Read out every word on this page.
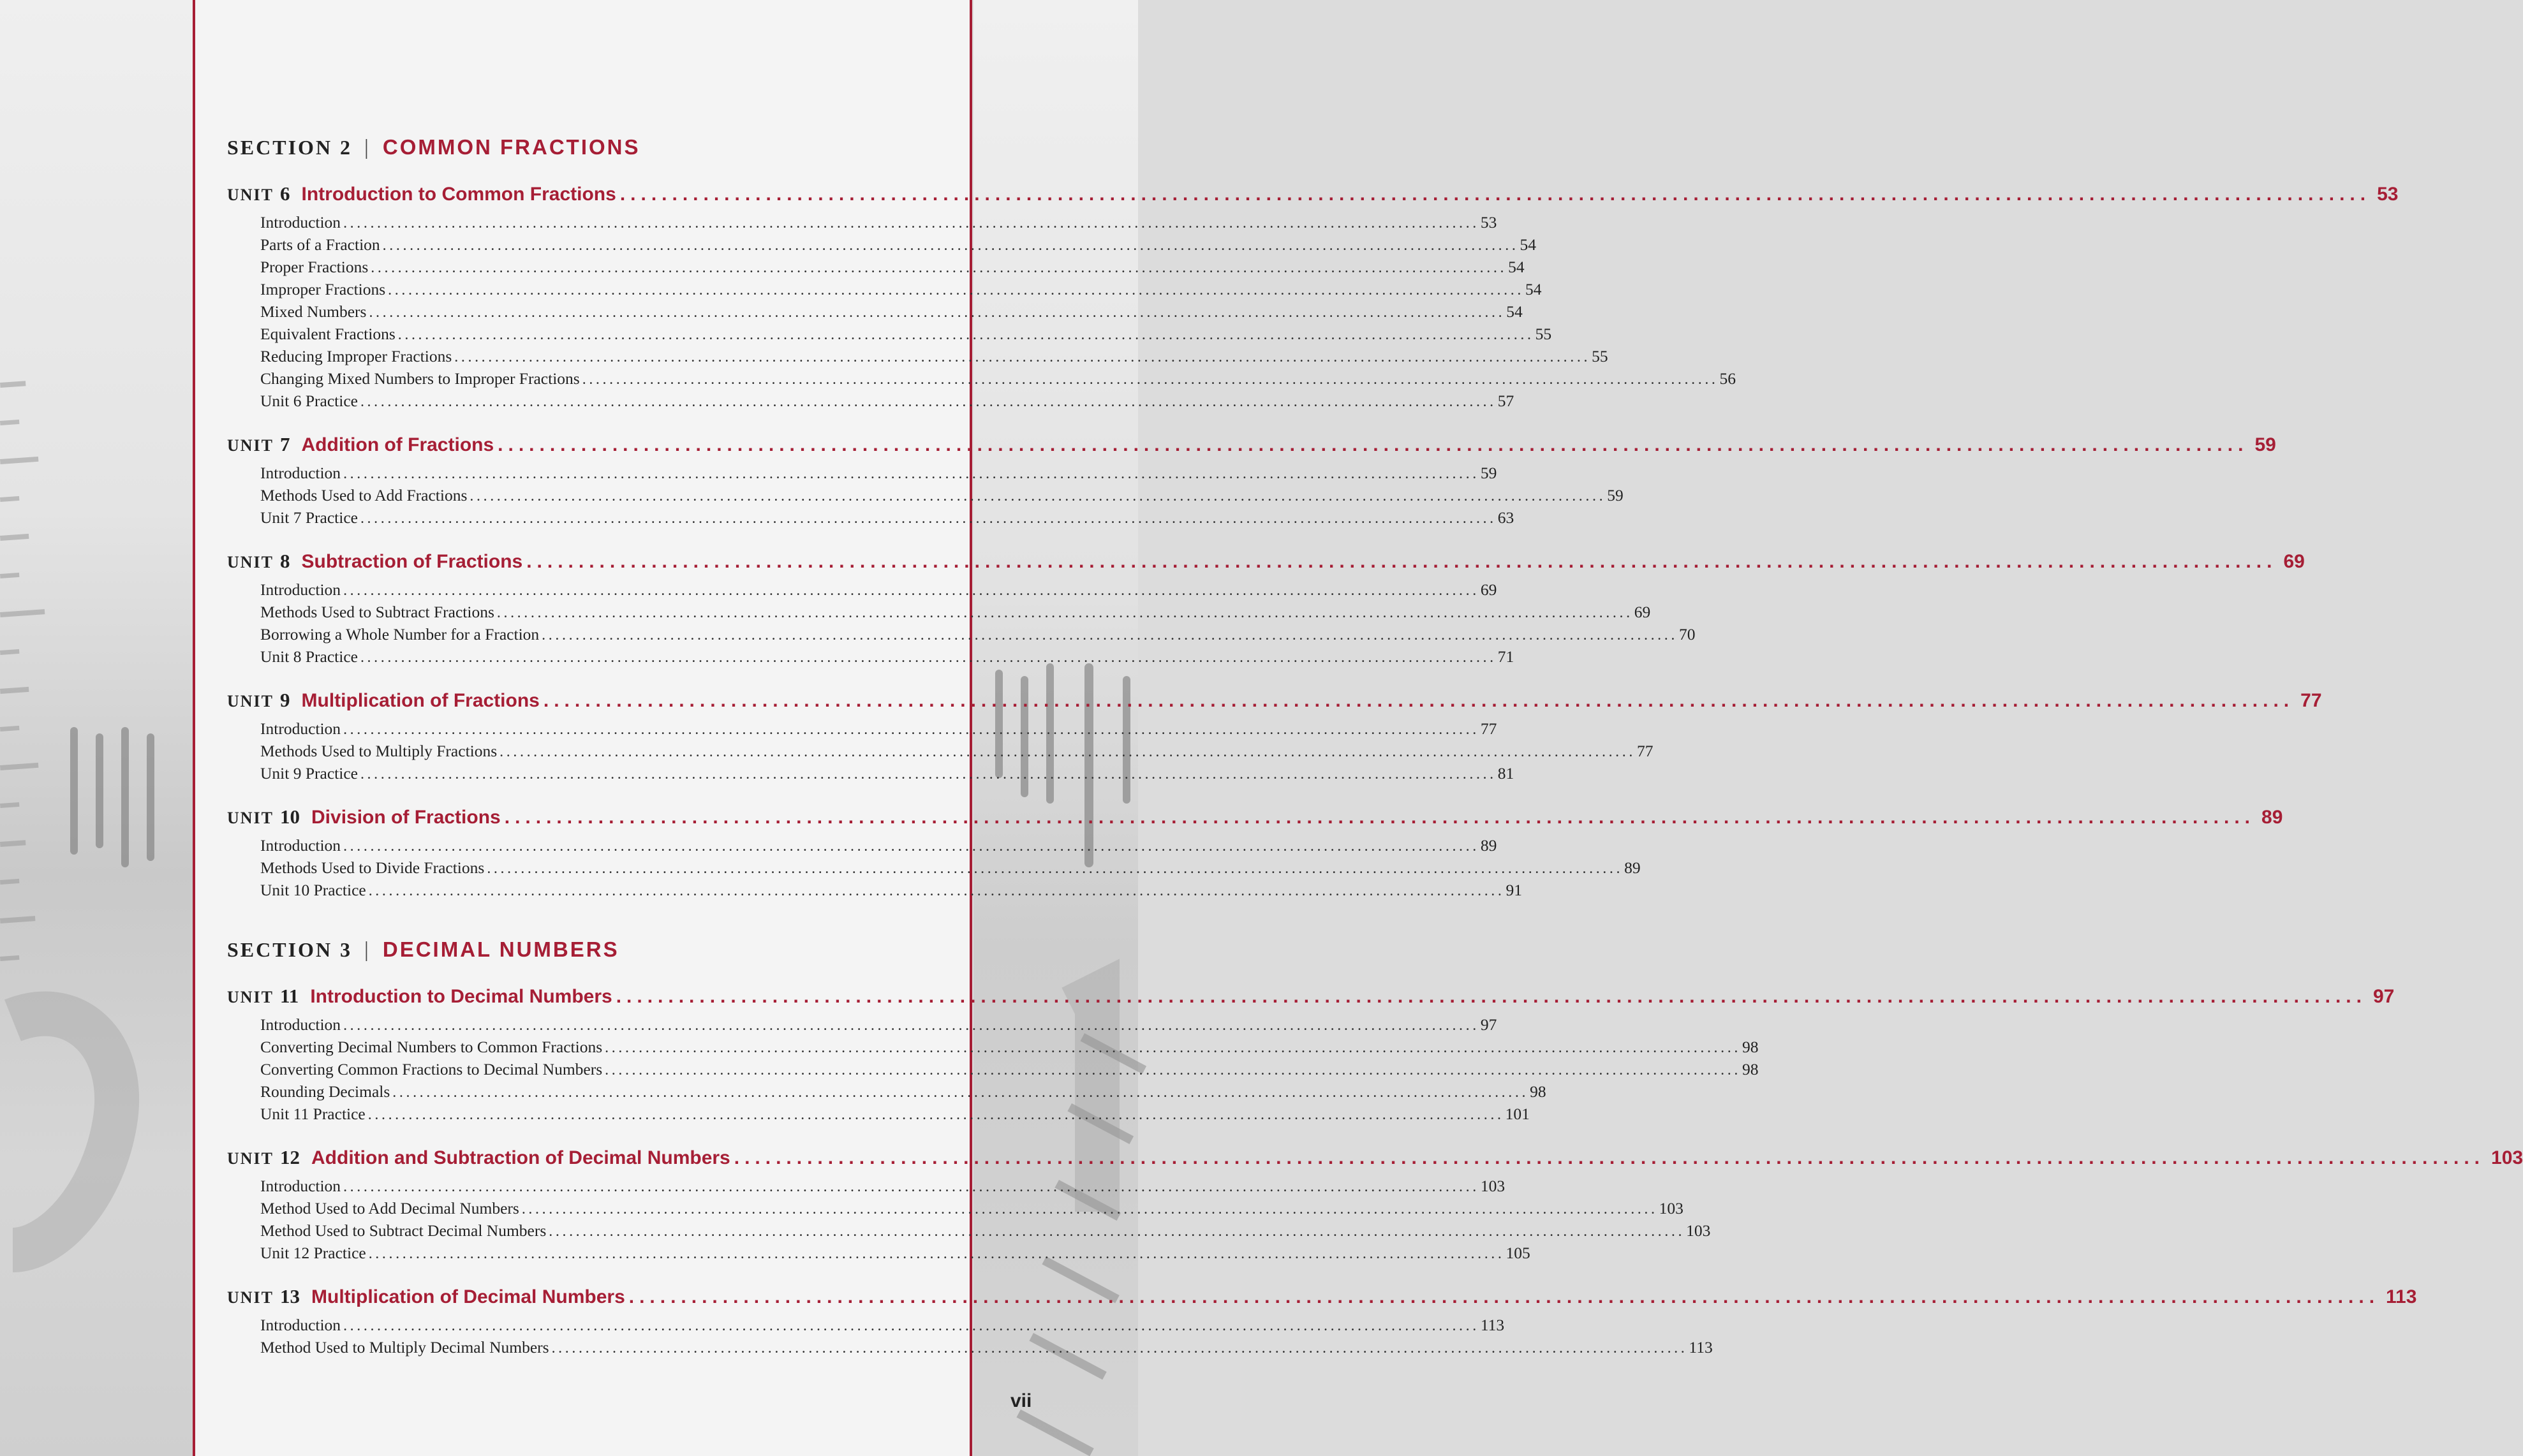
SECTION 2 | COMMON FRACTIONS
UNIT 6 Introduction to Common Fractions ........................................................................................................................................................................ 53
Introduction ........................................................................................................................................................................ 53
Parts of a Fraction ........................................................................................................................................................................ 54
Proper Fractions ........................................................................................................................................................................ 54
Improper Fractions ........................................................................................................................................................................ 54
Mixed Numbers ........................................................................................................................................................................ 54
Equivalent Fractions ........................................................................................................................................................................ 55
Reducing Improper Fractions ........................................................................................................................................................................ 55
Changing Mixed Numbers to Improper Fractions ........................................................................................................................................................................ 56
Unit 6 Practice ........................................................................................................................................................................ 57
UNIT 7 Addition of Fractions ........................................................................................................................................................................ 59
Introduction ........................................................................................................................................................................ 59
Methods Used to Add Fractions ........................................................................................................................................................................ 59
Unit 7 Practice ........................................................................................................................................................................ 63
UNIT 8 Subtraction of Fractions ........................................................................................................................................................................ 69
Introduction ........................................................................................................................................................................ 69
Methods Used to Subtract Fractions ........................................................................................................................................................................ 69
Borrowing a Whole Number for a Fraction ........................................................................................................................................................................ 70
Unit 8 Practice ........................................................................................................................................................................ 71
UNIT 9 Multiplication of Fractions ........................................................................................................................................................................ 77
Introduction ........................................................................................................................................................................ 77
Methods Used to Multiply Fractions ........................................................................................................................................................................ 77
Unit 9 Practice ........................................................................................................................................................................ 81
UNIT 10 Division of Fractions ........................................................................................................................................................................ 89
Introduction ........................................................................................................................................................................ 89
Methods Used to Divide Fractions ........................................................................................................................................................................ 89
Unit 10 Practice ........................................................................................................................................................................ 91
SECTION 3 | DECIMAL NUMBERS
UNIT 11 Introduction to Decimal Numbers ........................................................................................................................................................................ 97
Introduction ........................................................................................................................................................................ 97
Converting Decimal Numbers to Common Fractions ........................................................................................................................................................................ 98
Converting Common Fractions to Decimal Numbers ........................................................................................................................................................................ 98
Rounding Decimals ........................................................................................................................................................................ 98
Unit 11 Practice ........................................................................................................................................................................ 101
UNIT 12 Addition and Subtraction of Decimal Numbers ........................................................................................................................................................................ 103
Introduction ........................................................................................................................................................................ 103
Method Used to Add Decimal Numbers ........................................................................................................................................................................ 103
Method Used to Subtract Decimal Numbers ........................................................................................................................................................................ 103
Unit 12 Practice ........................................................................................................................................................................ 105
UNIT 13 Multiplication of Decimal Numbers ........................................................................................................................................................................ 113
Introduction ........................................................................................................................................................................ 113
Method Used to Multiply Decimal Numbers ........................................................................................................................................................................ 113
vii
